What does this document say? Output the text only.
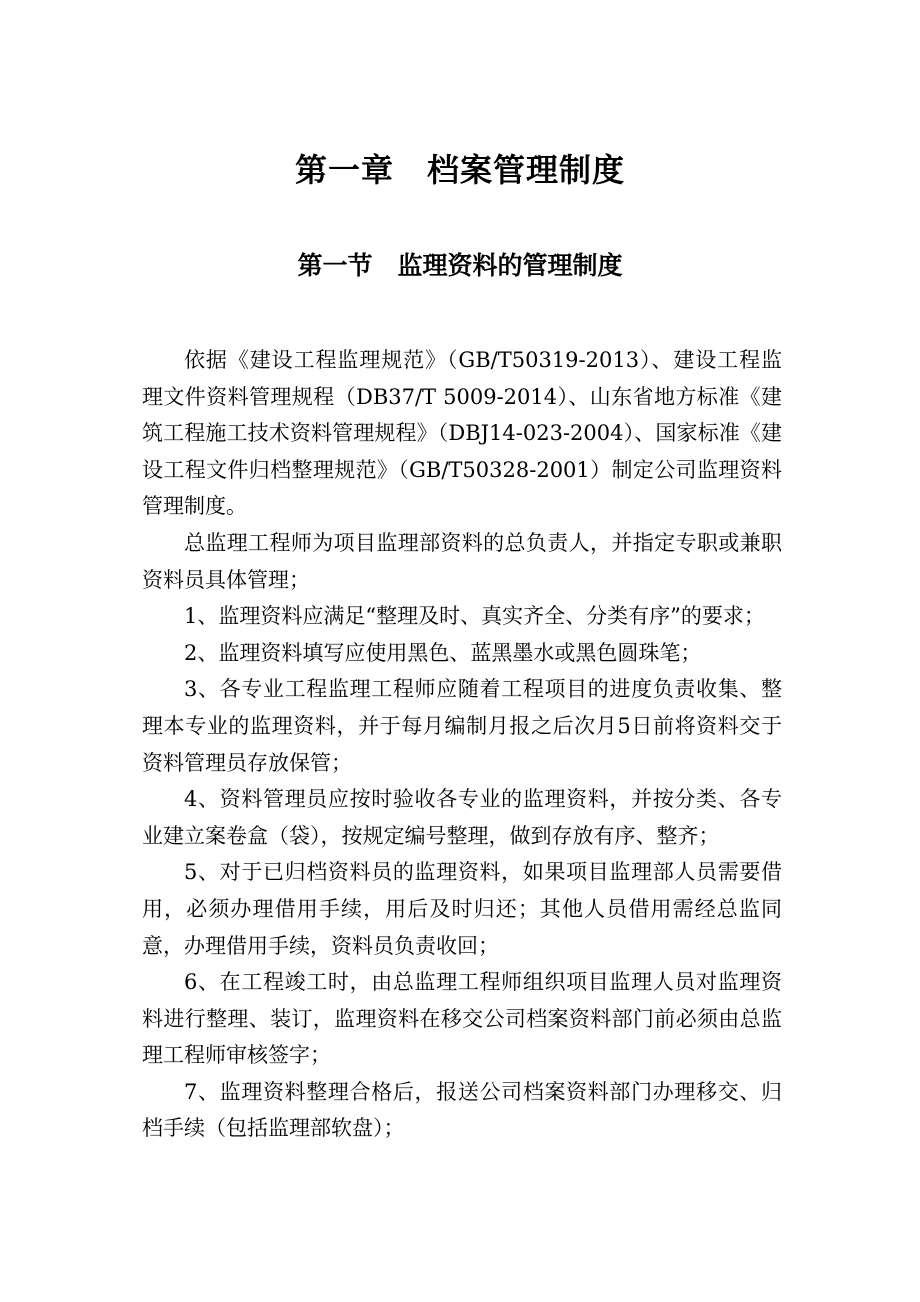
第一章　档案管理制度
第一节　监理资料的管理制度

依据《建设工程监理规范》（GB/T50319-2013）、建设工程监理文件资料管理规程（DB37/T 5009-2014）、山东省地方标准《建筑工程施工技术资料管理规程》（DBJ14-023-2004）、国家标准《建设工程文件归档整理规范》（GB/T50328-2001）制定公司监理资料管理制度。

总监理工程师为项目监理部资料的总负责人，并指定专职或兼职资料员具体管理；

1、监理资料应满足“整理及时、真实齐全、分类有序”的要求；

2、监理资料填写应使用黑色、蓝黑墨水或黑色圆珠笔；

3、各专业工程监理工程师应随着工程项目的进度负责收集、整理本专业的监理资料，并于每月编制月报之后次月5日前将资料交于资料管理员存放保管；

4、资料管理员应按时验收各专业的监理资料，并按分类、各专业建立案卷盒（袋），按规定编号整理，做到存放有序、整齐；

5、对于已归档资料员的监理资料，如果项目监理部人员需要借用，必须办理借用手续，用后及时归还；其他人员借用需经总监同意，办理借用手续，资料员负责收回；

6、在工程竣工时，由总监理工程师组织项目监理人员对监理资料进行整理、装订，监理资料在移交公司档案资料部门前必须由总监理工程师审核签字；

7、监理资料整理合格后，报送公司档案资料部门办理移交、归档手续（包括监理部软盘）；
